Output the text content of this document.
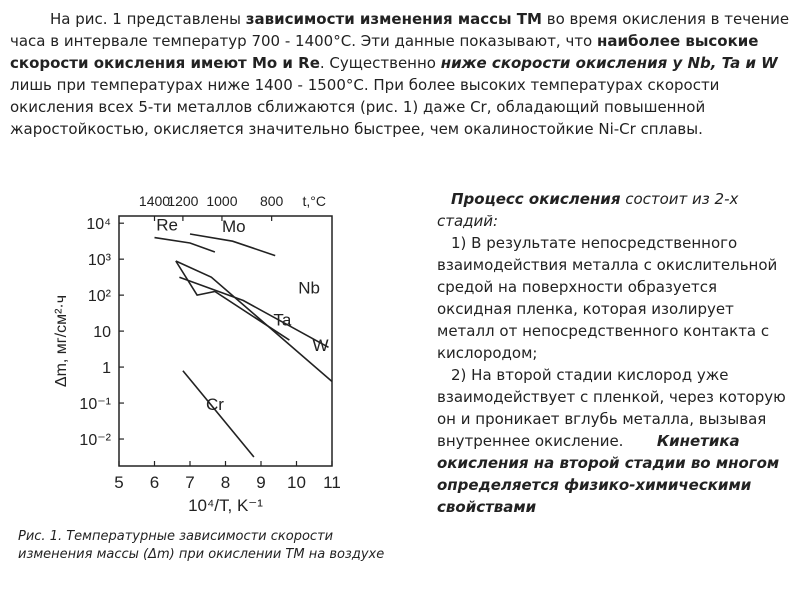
На рис. 1 представлены зависимости изменения массы ТМ во время окисления в течение часа в интервале температур 700 - 1400°С. Эти данные показывают, что наиболее высокие скорости окисления имеют Mo и Re. Существенно ниже скорости окисления у Nb, Ta и W лишь при температурах ниже 1400 - 1500°С. При более высоких температурах скорости окисления всех 5-ти металлов сближаются (рис. 1) даже Cr, обладающий повышенной жаростойкостью, окисляется значительно быстрее, чем окалиностойкие Ni-Cr сплавы.

5 6 7 8 9 10 11
10⁴
10³
10²
10
1
10⁻¹
10⁻²
1400
1200 1000 800 t,°C
Re	Mo
Nb
Ta
W
Cr
10⁴/T, K⁻¹
Δm, мг/см²·ч

Процесс окисления состоит из 2-х стадий:

1) В результате непосредственного взаимодействия металла с окислительной средой на поверхности образуется оксидная пленка, которая изолирует металл от непосредственного контакта с кислородом;

2) На второй стадии кислород уже взаимодействует с пленкой, через которую он и проникает вглубь металла, вызывая внутреннее окисление. Кинетика окисления на второй стадии во многом определяется физико-химическими свойствами

Рис. 1. Температурные зависимости скорости изменения массы (Δm) при окислении ТМ на воздухе
